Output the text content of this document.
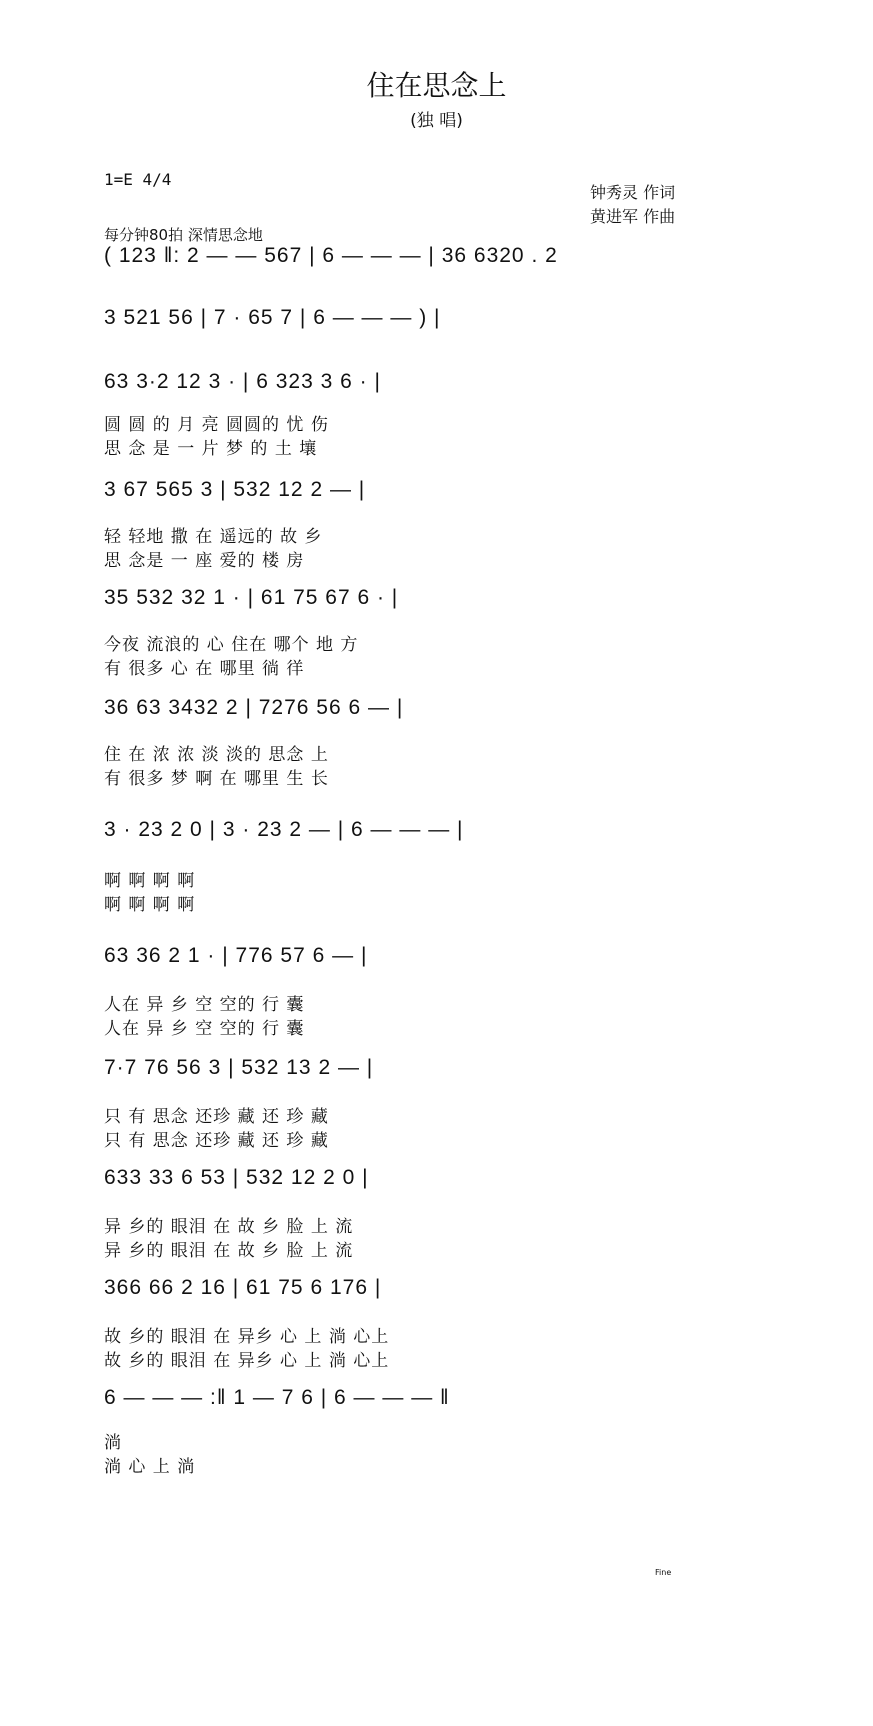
住在思念上
(独 唱)
1=E 4/4
每分钟80拍 深情思念地
钟秀灵 作词
黄进军 作曲
( 123 ‖: 2 — — 567 | 6 — — — | 36 6320 . 2
3 521 56 | 7 · 65 7 | 6 — — — ) |
63 3·2 12 3 · | 6 323 3 6 · |
圆 圆 的 月 亮 圆圆的 忧 伤
思 念 是 一 片 梦 的 土 壤
3 67 565 3 | 532 12 2 — |
轻 轻地 撒 在 遥远的 故 乡
思 念是 一 座 爱的 楼 房
35 532 32 1 · | 61 75 67 6 · |
今夜 流浪的 心 住在 哪个 地 方
有 很多 心 在 哪里 徜 徉
36 63 3432 2 | 7276 56 6 — |
住 在 浓 浓 淡 淡的 思念 上
有 很多 梦 啊 在 哪里 生 长
3 · 23 2 0 | 3 · 23 2 — | 6 — — — |
啊 啊 啊 啊
啊 啊 啊 啊
63 36 2 1 · | 776 57 6 — |
人在 异 乡 空 空的 行 囊
人在 异 乡 空 空的 行 囊
7·7 76 56 3 | 532 13 2 — |
只 有 思念 还珍 藏 还 珍 藏
只 有 思念 还珍 藏 还 珍 藏
633 33 6 53 | 532 12 2 0 |
异 乡的 眼泪 在 故 乡 脸 上 流
异 乡的 眼泪 在 故 乡 脸 上 流
366 66 2 16 | 61 75 6 176 |
故 乡的 眼泪 在 异乡 心 上 淌 心上
故 乡的 眼泪 在 异乡 心 上 淌 心上
6 — — — :‖ 1 — 7 6 | 6 — — — ‖
淌
淌 心 上 淌
Fine
